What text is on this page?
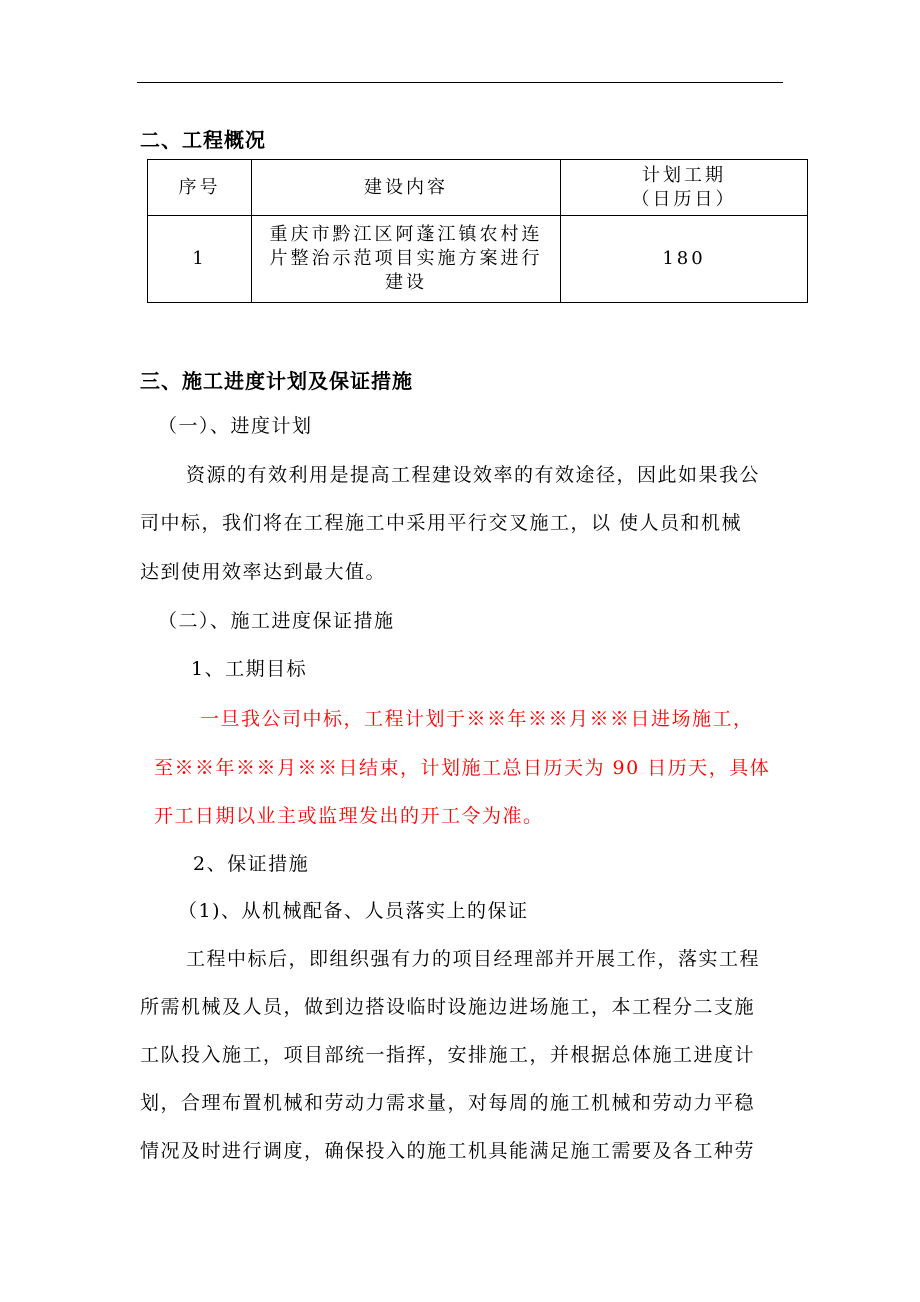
二、工程概况
序号	建设内容	计划工期
（日历日）

1	重庆市黔江区阿蓬江镇农村连片整治示范项目实施方案进行建设	180
三、施工进度计划及保证措施
（一）、进度计划
资源的有效利用是提高工程建设效率的有效途径，因此如果我公
司中标，我们将在工程施工中采用平行交叉施工，以 使人员和机械
达到使用效率达到最大值。
（二）、施工进度保证措施
1、工期目标
一旦我公司中标，工程计划于※※年※※月※※日进场施工，
至※※年※※月※※日结束，计划施工总日历天为 90 日历天，具体
开工日期以业主或监理发出的开工令为准。
2、保证措施
（1)、从机械配备、人员落实上的保证
工程中标后，即组织强有力的项目经理部并开展工作，落实工程
所需机械及人员，做到边搭设临时设施边进场施工，本工程分二支施
工队投入施工，项目部统一指挥，安排施工，并根据总体施工进度计
划，合理布置机械和劳动力需求量，对每周的施工机械和劳动力平稳
情况及时进行调度，确保投入的施工机具能满足施工需要及各工种劳
